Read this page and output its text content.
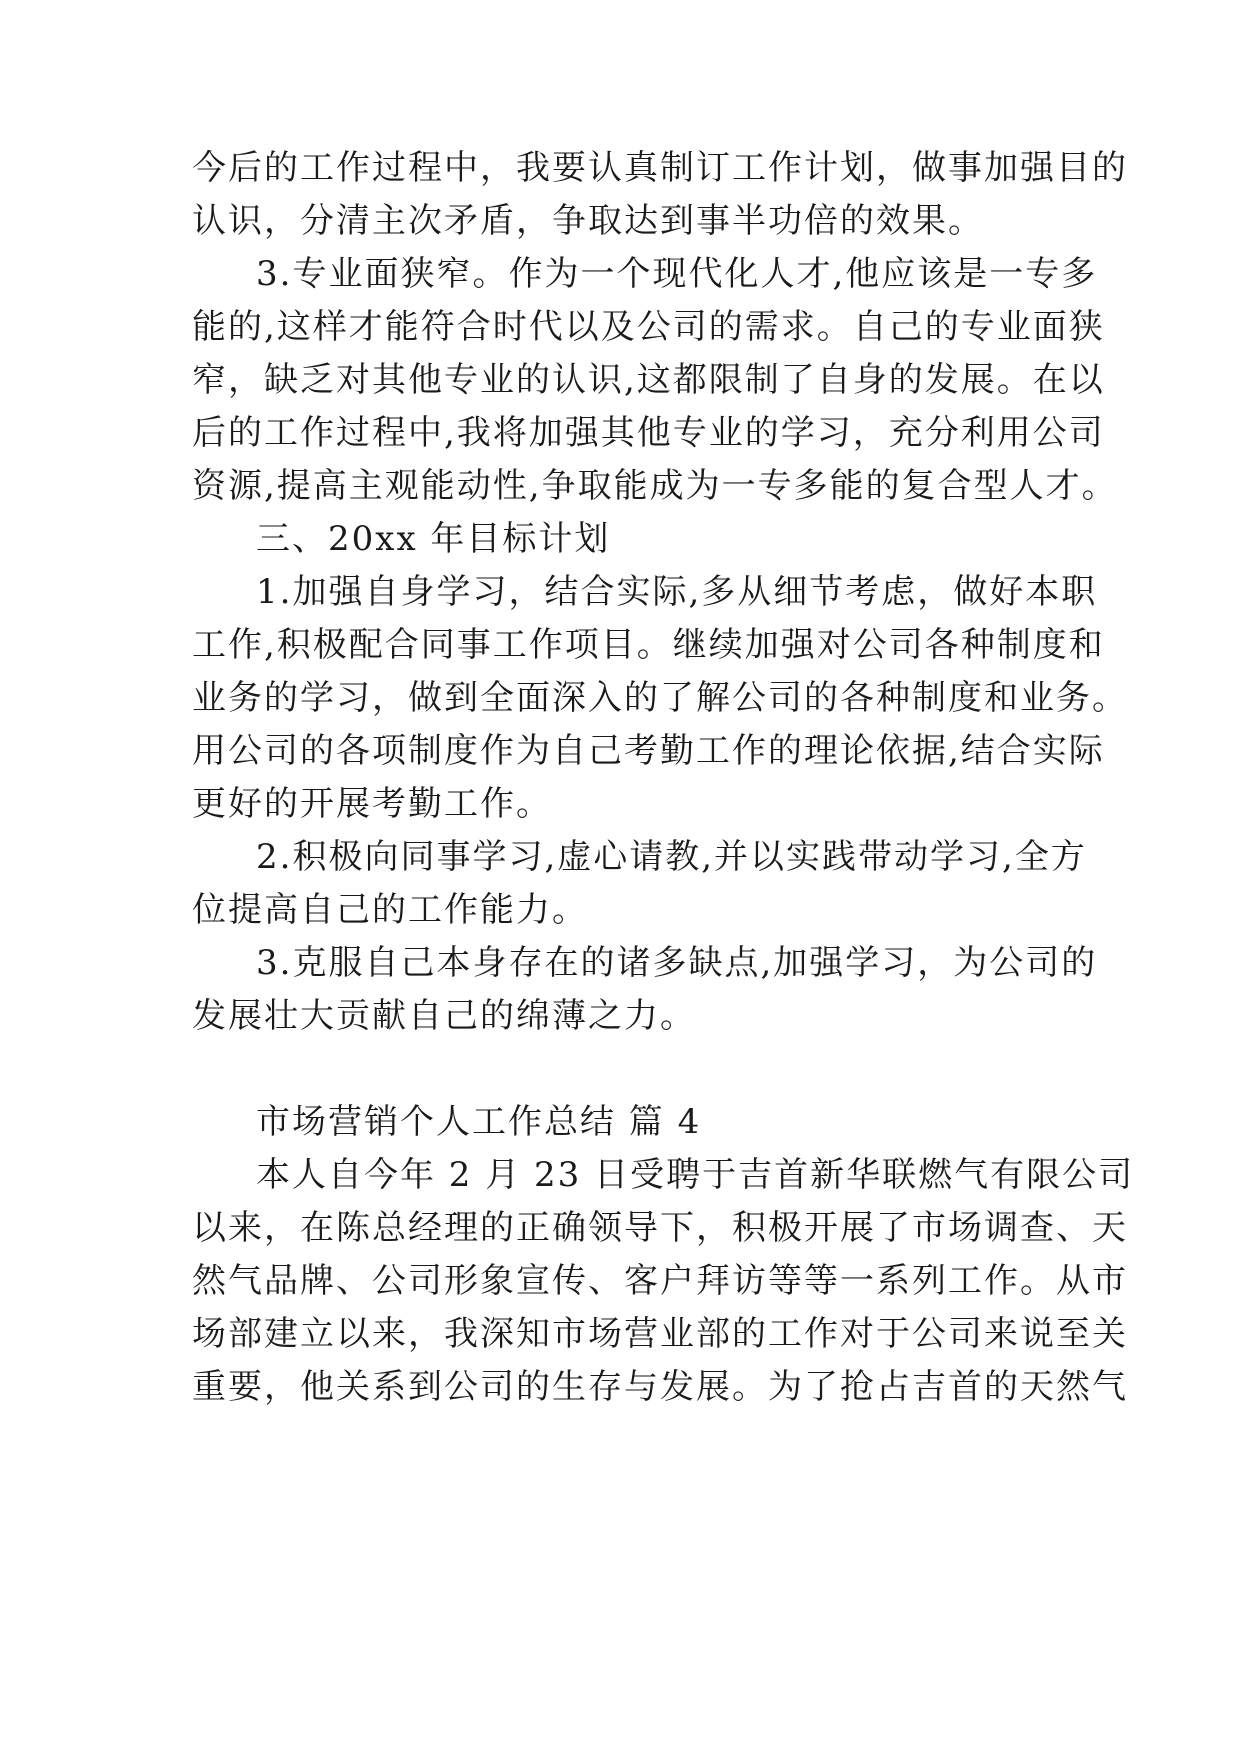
今后的工作过程中，我要认真制订工作计划，做事加强目的
认识，分清主次矛盾，争取达到事半功倍的效果。
3.专业面狭窄。作为一个现代化人才,他应该是一专多
能的,这样才能符合时代以及公司的需求。自己的专业面狭
窄，缺乏对其他专业的认识,这都限制了自身的发展。在以
后的工作过程中,我将加强其他专业的学习，充分利用公司
资源,提高主观能动性,争取能成为一专多能的复合型人才。
三、20xx 年目标计划
1.加强自身学习，结合实际,多从细节考虑，做好本职
工作,积极配合同事工作项目。继续加强对公司各种制度和
业务的学习，做到全面深入的了解公司的各种制度和业务。
用公司的各项制度作为自己考勤工作的理论依据,结合实际
更好的开展考勤工作。
2.积极向同事学习,虚心请教,并以实践带动学习,全方
位提高自己的工作能力。
3.克服自己本身存在的诸多缺点,加强学习，为公司的
发展壮大贡献自己的绵薄之力。
市场营销个人工作总结 篇 4
本人自今年 2 月 23 日受聘于吉首新华联燃气有限公司
以来，在陈总经理的正确领导下，积极开展了市场调查、天
然气品牌、公司形象宣传、客户拜访等等一系列工作。从市
场部建立以来，我深知市场营业部的工作对于公司来说至关
重要，他关系到公司的生存与发展。为了抢占吉首的天然气
